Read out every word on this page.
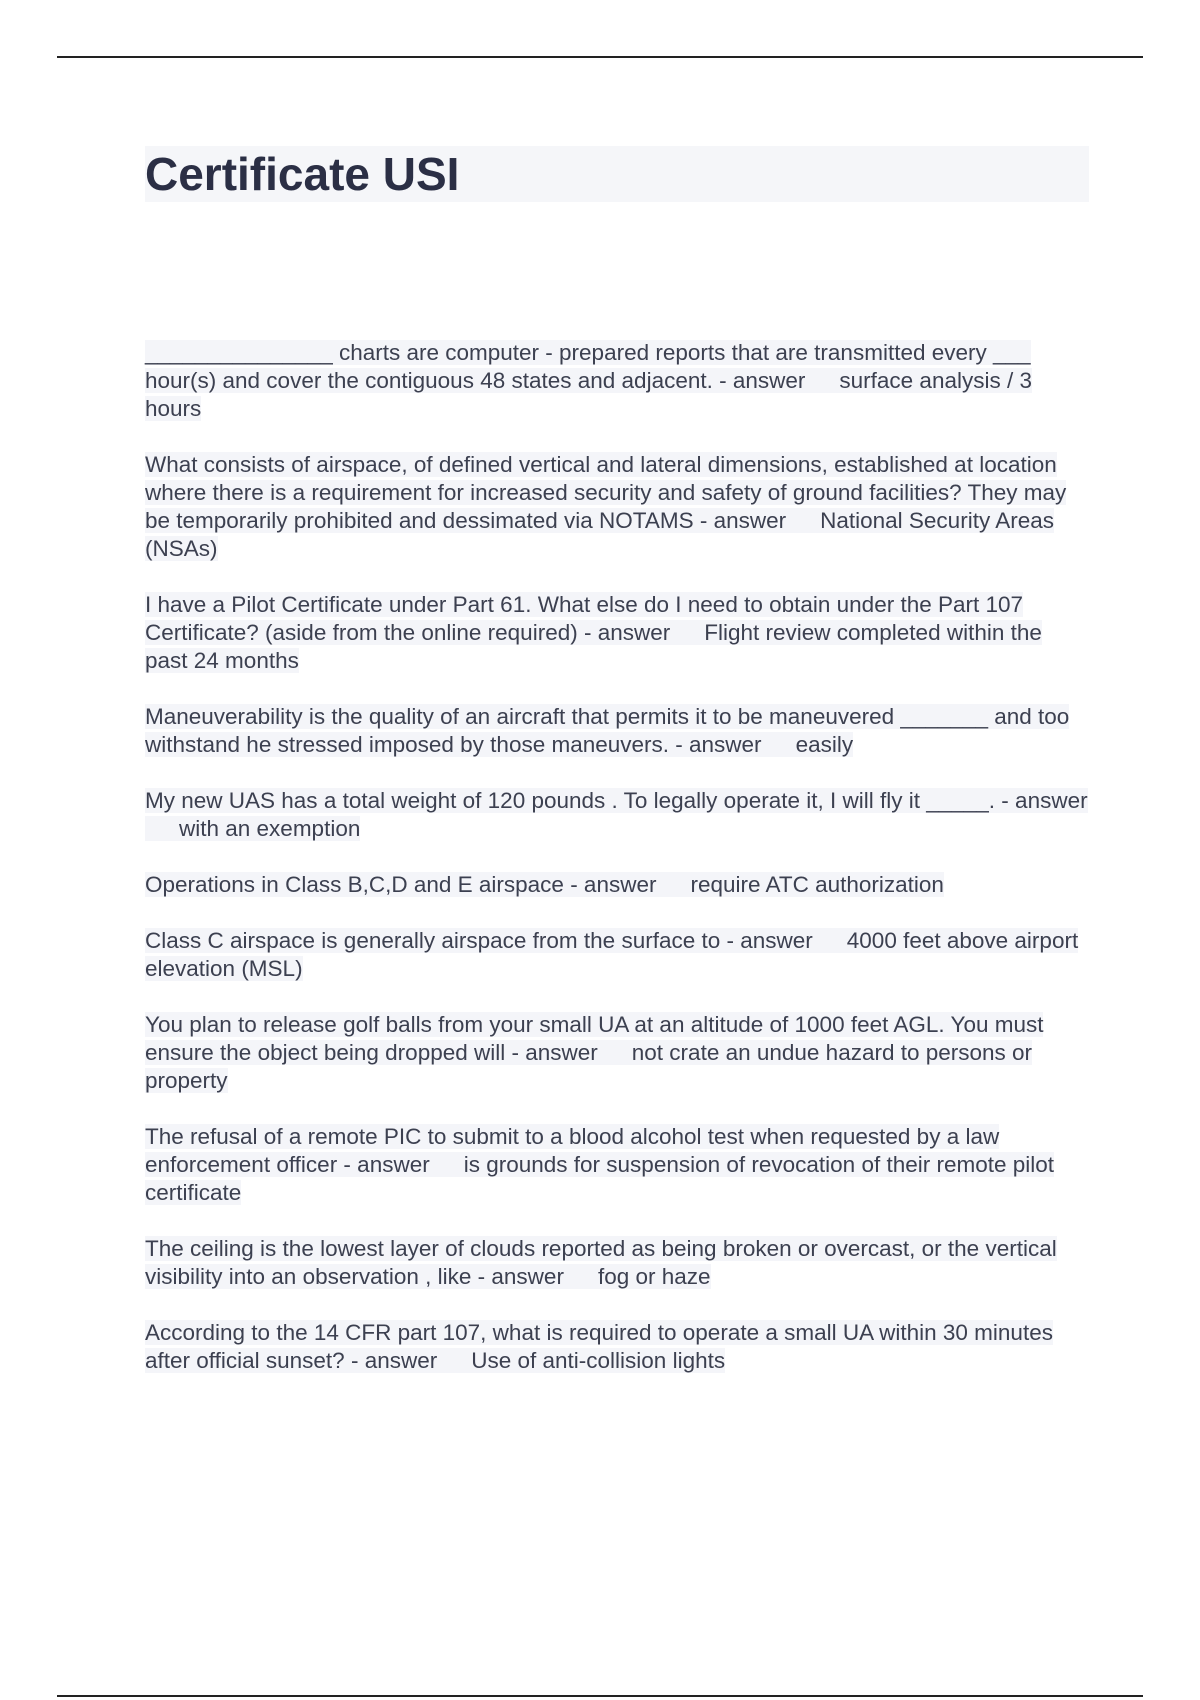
Certificate USI
_______________ charts are computer - prepared reports that are transmitted every ___ hour(s) and cover the contiguous 48 states and adjacent. - answer surface analysis / 3 hours
What consists of airspace, of defined vertical and lateral dimensions, established at location where there is a requirement for increased security and safety of ground facilities? They may be temporarily prohibited and dessimated via NOTAMS - answer National Security Areas (NSAs)
I have a Pilot Certificate under Part 61. What else do I need to obtain under the Part 107 Certificate? (aside from the online required) - answer Flight review completed within the past 24 months
Maneuverability is the quality of an aircraft that permits it to be maneuvered _______ and too withstand he stressed imposed by those maneuvers. - answer easily
My new UAS has a total weight of 120 pounds . To legally operate it, I will fly it _____. - answerwith an exemption
Operations in Class B,C,D and E airspace - answer require ATC authorization
Class C airspace is generally airspace from the surface to - answer 4000 feet above airport elevation (MSL)
You plan to release golf balls from your small UA at an altitude of 1000 feet AGL. You must ensure the object being dropped will - answer not crate an undue hazard to persons or property
The refusal of a remote PIC to submit to a blood alcohol test when requested by a law enforcement officer - answer is grounds for suspension of revocation of their remote pilot certificate
The ceiling is the lowest layer of clouds reported as being broken or overcast, or the vertical visibility into an observation , like - answer fog or haze
According to the 14 CFR part 107, what is required to operate a small UA within 30 minutes after official sunset? - answer Use of anti-collision lights
